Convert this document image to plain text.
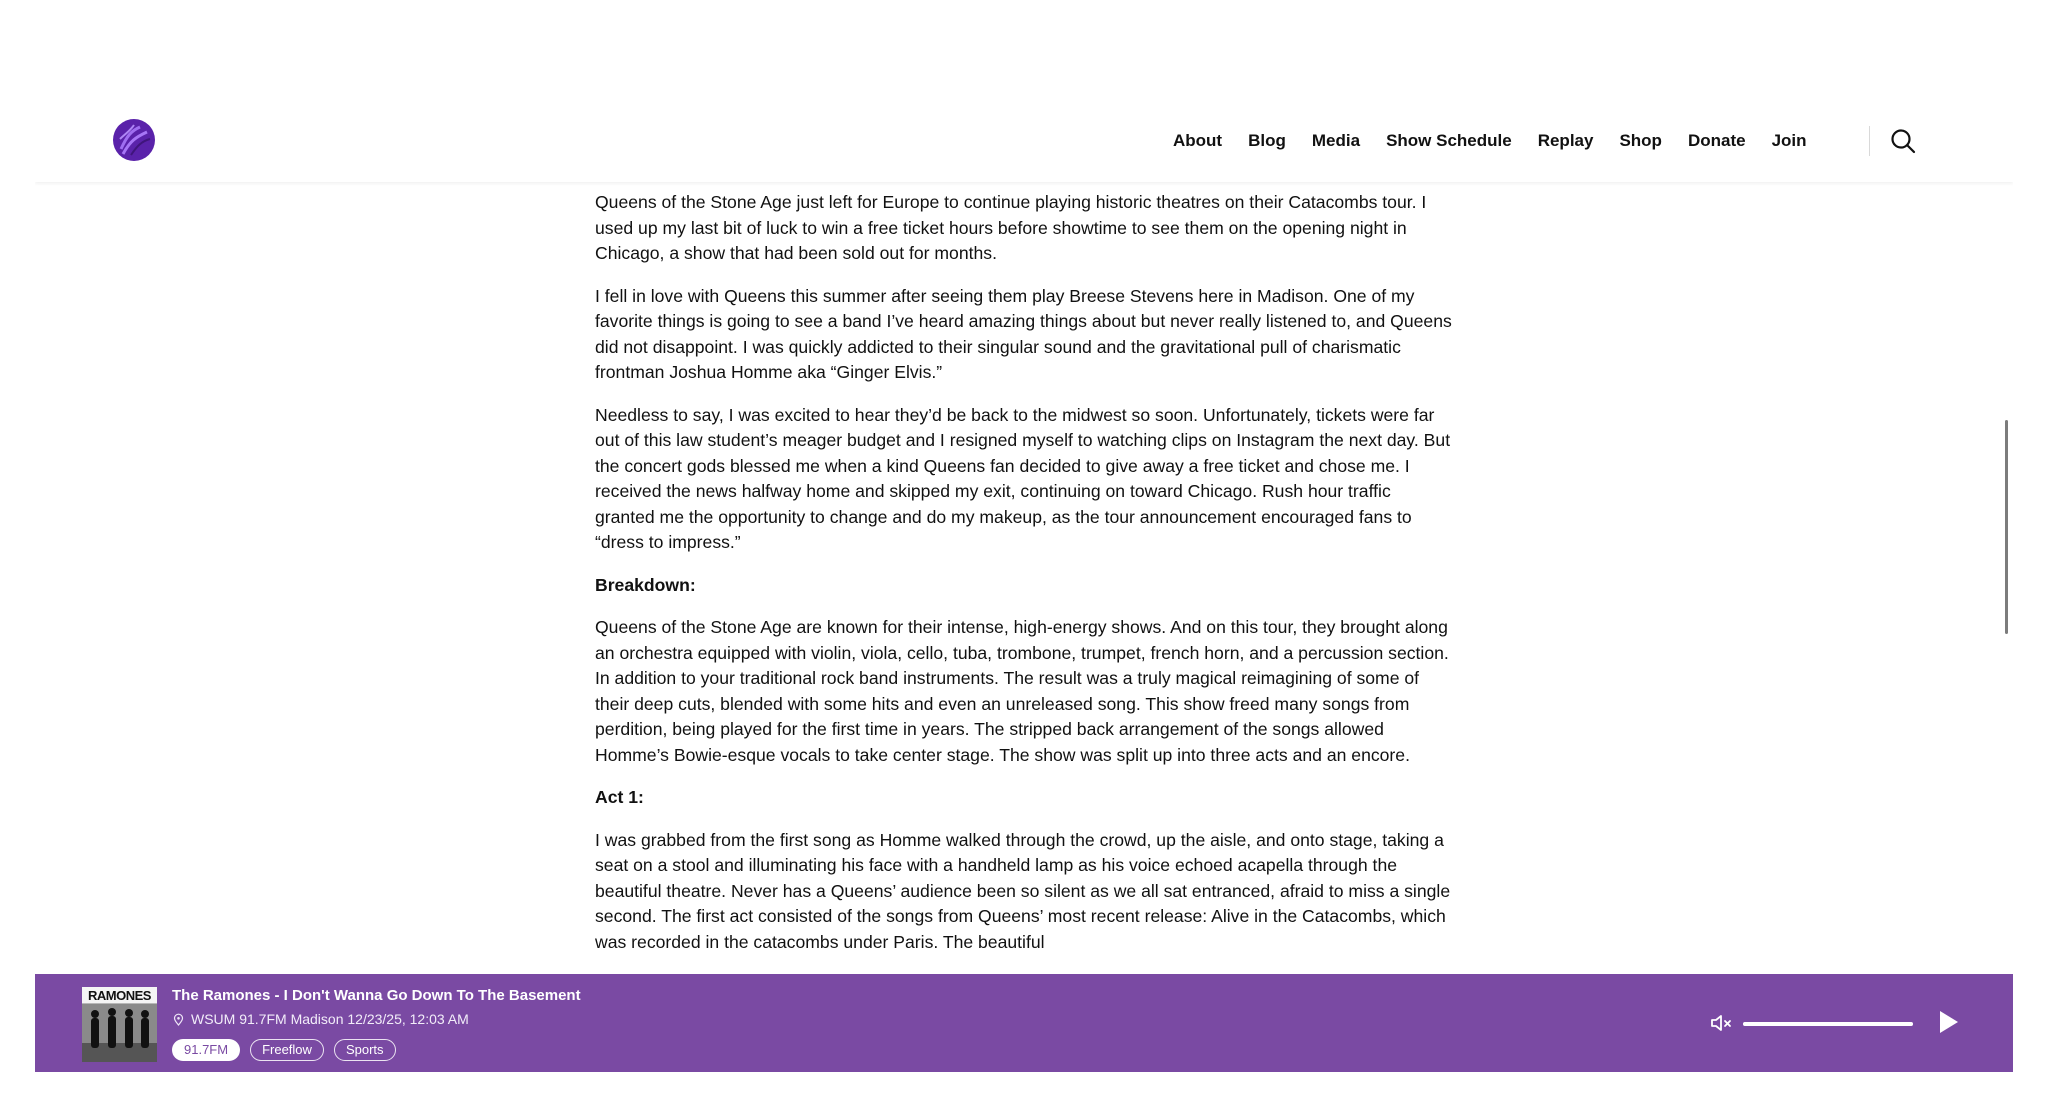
About Blog Media Show Schedule Replay Shop Donate Join

Queens of the Stone Age just left for Europe to continue playing historic theatres on their Catacombs tour. I used up my last bit of luck to win a free ticket hours before showtime to see them on the opening night in Chicago, a show that had been sold out for months.

I fell in love with Queens this summer after seeing them play Breese Stevens here in Madison. One of my favorite things is going to see a band I’ve heard amazing things about but never really listened to, and Queens did not disappoint. I was quickly addicted to their singular sound and the gravitational pull of charismatic frontman Joshua Homme aka “Ginger Elvis.”

Needless to say, I was excited to hear they’d be back to the midwest so soon. Unfortunately, tickets were far out of this law student’s meager budget and I resigned myself to watching clips on Instagram the next day. But the concert gods blessed me when a kind Queens fan decided to give away a free ticket and chose me. I received the news halfway home and skipped my exit, continuing on toward Chicago. Rush hour traffic granted me the opportunity to change and do my makeup, as the tour announcement encouraged fans to “dress to impress.”

Breakdown:

Queens of the Stone Age are known for their intense, high-energy shows. And on this tour, they brought along an orchestra equipped with violin, viola, cello, tuba, trombone, trumpet, french horn, and a percussion section. In addition to your traditional rock band instruments. The result was a truly magical reimagining of some of their deep cuts, blended with some hits and even an unreleased song. This show freed many songs from perdition, being played for the first time in years. The stripped back arrangement of the songs allowed Homme’s Bowie-esque vocals to take center stage. The show was split up into three acts and an encore.

Act 1:

I was grabbed from the first song as Homme walked through the crowd, up the aisle, and onto stage, taking a seat on a stool and illuminating his face with a handheld lamp as his voice echoed acapella through the beautiful theatre. Never has a Queens’ audience been so silent as we all sat entranced, afraid to miss a single second. The first act consisted of the songs from Queens’ most recent release: Alive in the Catacombs, which was recorded in the catacombs under Paris. The beautiful

RAMONES	The Ramones - I Don't Wanna Go Down To The Basement
WSUM 91.7FM Madison 12/23/25, 12:03 AM
91.7FM	Freeflow	Sports
